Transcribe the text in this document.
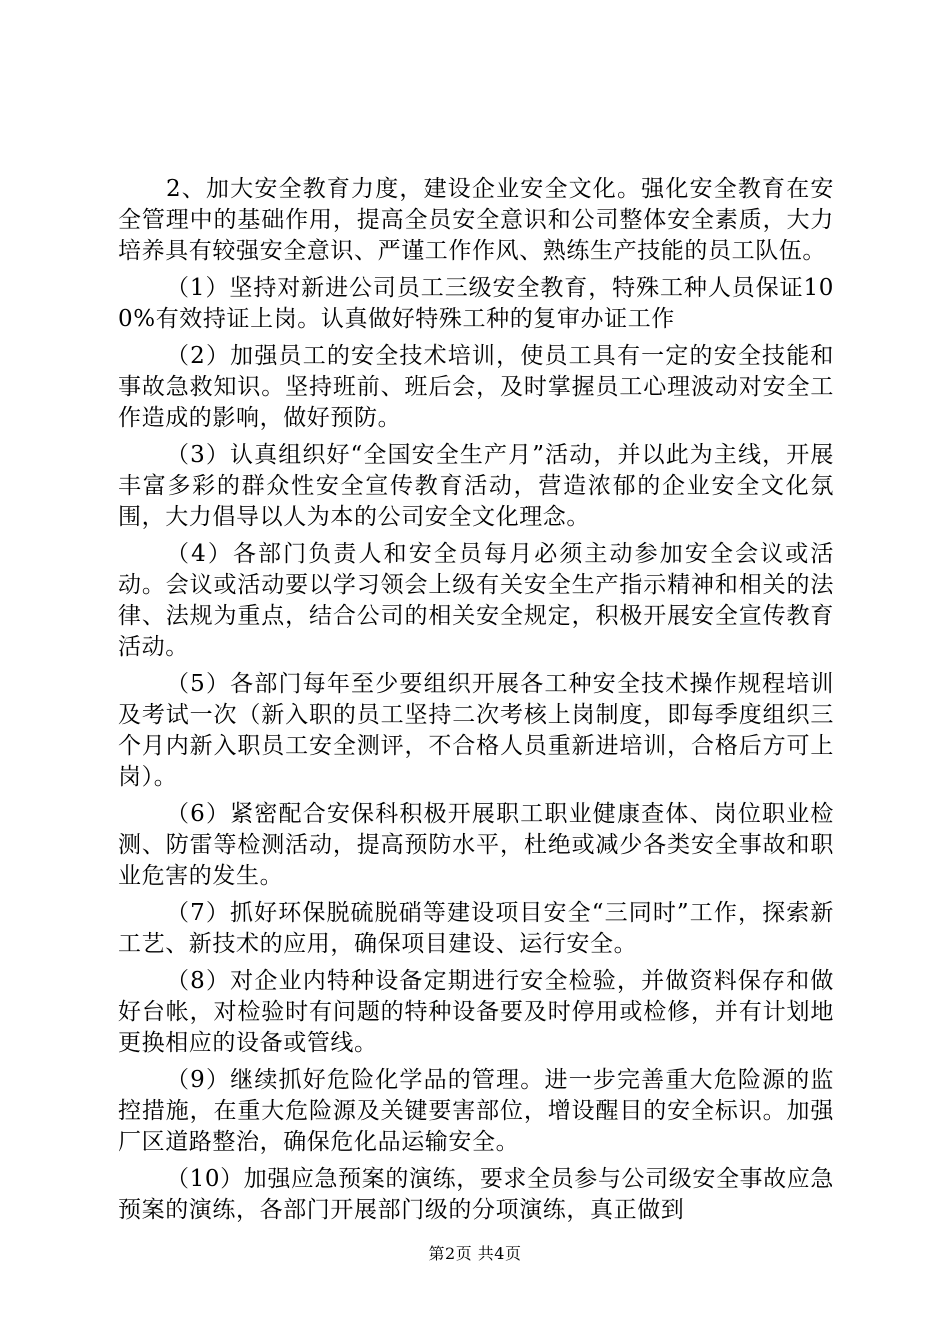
2、加大安全教育力度，建设企业安全文化。强化安全教育在安全管理中的基础作用，提高全员安全意识和公司整体安全素质，大力培养具有较强安全意识、严谨工作作风、熟练生产技能的员工队伍。

（1）坚持对新进公司员工三级安全教育，特殊工种人员保证100%有效持证上岗。认真做好特殊工种的复审办证工作

（2）加强员工的安全技术培训，使员工具有一定的安全技能和事故急救知识。坚持班前、班后会，及时掌握员工心理波动对安全工作造成的影响，做好预防。

（3）认真组织好“全国安全生产月”活动，并以此为主线，开展丰富多彩的群众性安全宣传教育活动，营造浓郁的企业安全文化氛围，大力倡导以人为本的公司安全文化理念。

（4）各部门负责人和安全员每月必须主动参加安全会议或活动。会议或活动要以学习领会上级有关安全生产指示精神和相关的法律、法规为重点，结合公司的相关安全规定，积极开展安全宣传教育活动。

（5）各部门每年至少要组织开展各工种安全技术操作规程培训及考试一次（新入职的员工坚持二次考核上岗制度，即每季度组织三个月内新入职员工安全测评，不合格人员重新进培训，合格后方可上岗）。

（6）紧密配合安保科积极开展职工职业健康查体、岗位职业检测、防雷等检测活动，提高预防水平，杜绝或减少各类安全事故和职业危害的发生。

（7）抓好环保脱硫脱硝等建设项目安全“三同时”工作，探索新工艺、新技术的应用，确保项目建设、运行安全。

（8）对企业内特种设备定期进行安全检验，并做资料保存和做好台帐，对检验时有问题的特种设备要及时停用或检修，并有计划地更换相应的设备或管线。

（9）继续抓好危险化学品的管理。进一步完善重大危险源的监控措施，在重大危险源及关键要害部位，增设醒目的安全标识。加强厂区道路整治，确保危化品运输安全。

（10）加强应急预案的演练，要求全员参与公司级安全事故应急预案的演练，各部门开展部门级的分项演练，真正做到

第2页 共4页
